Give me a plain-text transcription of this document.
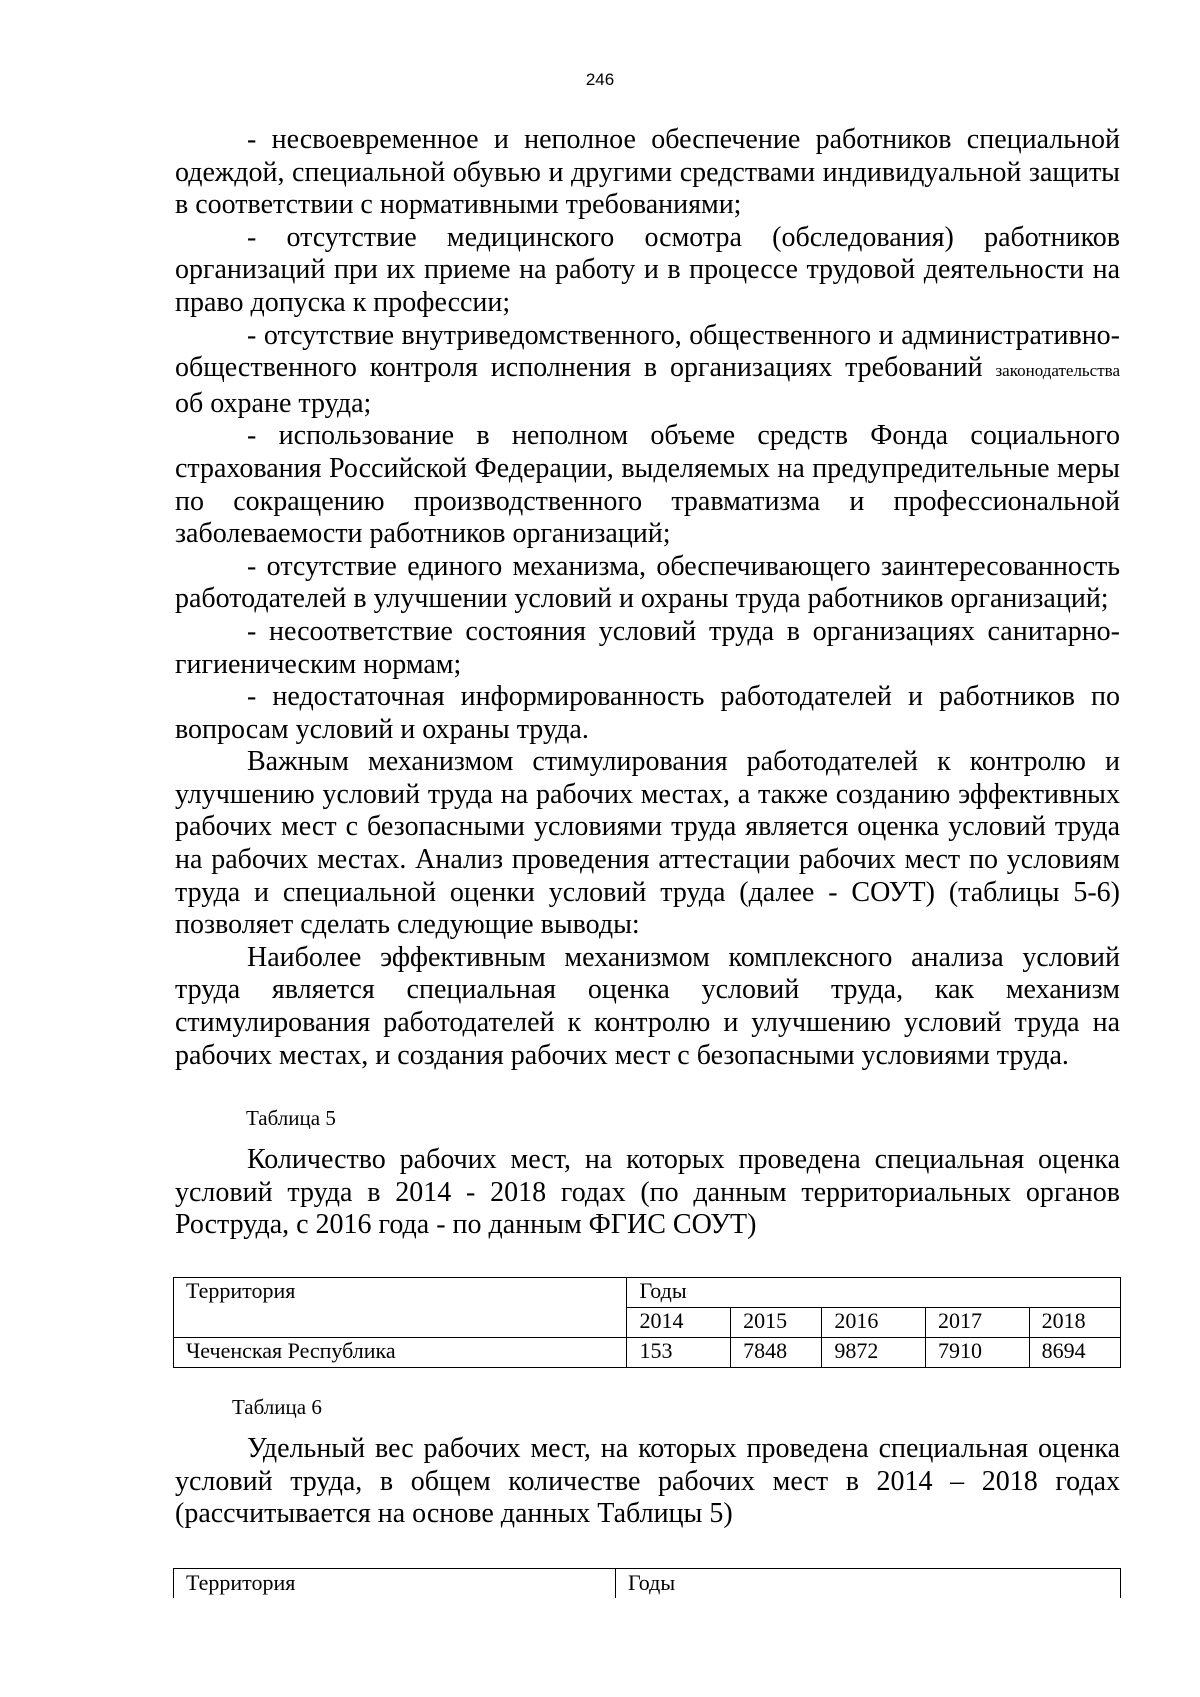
246

- несвоевременное и неполное обеспечение работников специальной одеждой, специальной обувью и другими средствами индивидуальной защиты в соответствии с нормативными требованиями;

- отсутствие медицинского осмотра (обследования) работников организаций при их приеме на работу и в процессе трудовой деятельности на право допуска к профессии;

- отсутствие внутриведомственного, общественного и административно-общественного контроля исполнения в организациях требований законодательства об охране труда;

- использование в неполном объеме средств Фонда социального страхования Российской Федерации, выделяемых на предупредительные меры по сокращению производственного травматизма и профессиональной заболеваемости работников организаций;

- отсутствие единого механизма, обеспечивающего заинтересованность работодателей в улучшении условий и охраны труда работников организаций;

- несоответствие состояния условий труда в организациях санитарно-гигиеническим нормам;

- недостаточная информированность работодателей и работников по вопросам условий и охраны труда.

Важным механизмом стимулирования работодателей к контролю и улучшению условий труда на рабочих местах, а также созданию эффективных рабочих мест с безопасными условиями труда является оценка условий труда на рабочих местах. Анализ проведения аттестации рабочих мест по условиям труда и специальной оценки условий труда (далее - СОУТ) (таблицы 5-6) позволяет сделать следующие выводы:

Наиболее эффективным механизмом комплексного анализа условий труда является специальная оценка условий труда, как механизм стимулирования работодателей к контролю и улучшению условий труда на рабочих местах, и создания рабочих мест с безопасными условиями труда.

Таблица 5

Количество рабочих мест, на которых проведена специальная оценка условий труда в 2014 - 2018 годах (по данным территориальных органов Роструда, с 2016 года - по данным ФГИС СОУТ)

Территория	Годы				
	2014	2015	2016	2017	2018
Чеченская Республика	153	7848	9872	7910	8694
Таблица 6

Удельный вес рабочих мест, на которых проведена специальная оценка условий труда, в общем количестве рабочих мест в 2014 – 2018 годах (рассчитывается на основе данных Таблицы 5)

Территория	Годы
